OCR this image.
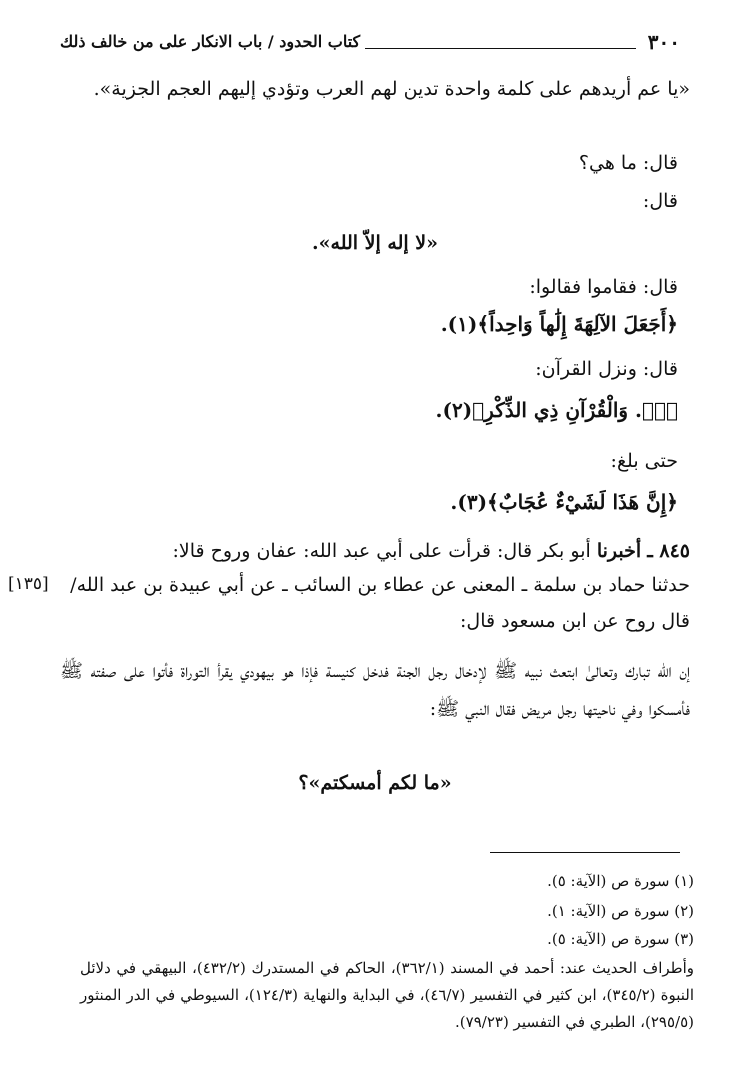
٣٠٠
كتاب الحدود / باب الانكار على من خالف ذلك
«يا عم أريدهم على كلمة واحدة تدين لهم العرب وتؤدي إليهم العجم الجزية».
قال: ما هي؟
قال:
«لا إله إلاّ الله».
قال: فقاموا فقالوا:
﴿أَجَعَلَ الآلِهَةَ إِلَٰهاً وَاحِداً﴾(١).
قال: ونزل القرآن:
﴿صۤ. وَالْقُرْآنِ ذِي الذِّكْرِ﴾(٢).
حتى بلغ:
﴿إِنَّ هَذَا لَشَيْءٌ عُجَابٌ﴾(٣).
٨٤٥ ـ أخبرنا أبو بكر قال: قرأت على أبي عبد الله: عفان وروح قالا:
حدثنا حماد بن سلمة ـ المعنى عن عطاء بن السائب ـ عن أبي عبيدة بن عبد الله/
[١٣٥]
قال روح عن ابن مسعود قال:
إن الله تبارك وتعالىٰ ابتعث نبيه ﷺ لإدخال رجل الجنة فدخل كنيسة فإذا هو بيهودي يقرأ التوراة فأتوا على صفته ﷺ فأمسكوا وفي ناحيتها رجل مريض فقال النبي ﷺ:
«ما لكم أمسكتم»؟
(١) سورة ص (الآية: ٥).
(٢) سورة ص (الآية: ١).
(٣) سورة ص (الآية: ٥).
وأطراف الحديث عند: أحمد في المسند (٣٦٢/١)، الحاكم في المستدرك (٤٣٢/٢)، البيهقي في دلائل النبوة (٣٤٥/٢)، ابن كثير في التفسير (٤٦/٧)، في البداية والنهاية (١٢٤/٣)، السيوطي في الدر المنثور (٢٩٥/٥)، الطبري في التفسير (٧٩/٢٣).
